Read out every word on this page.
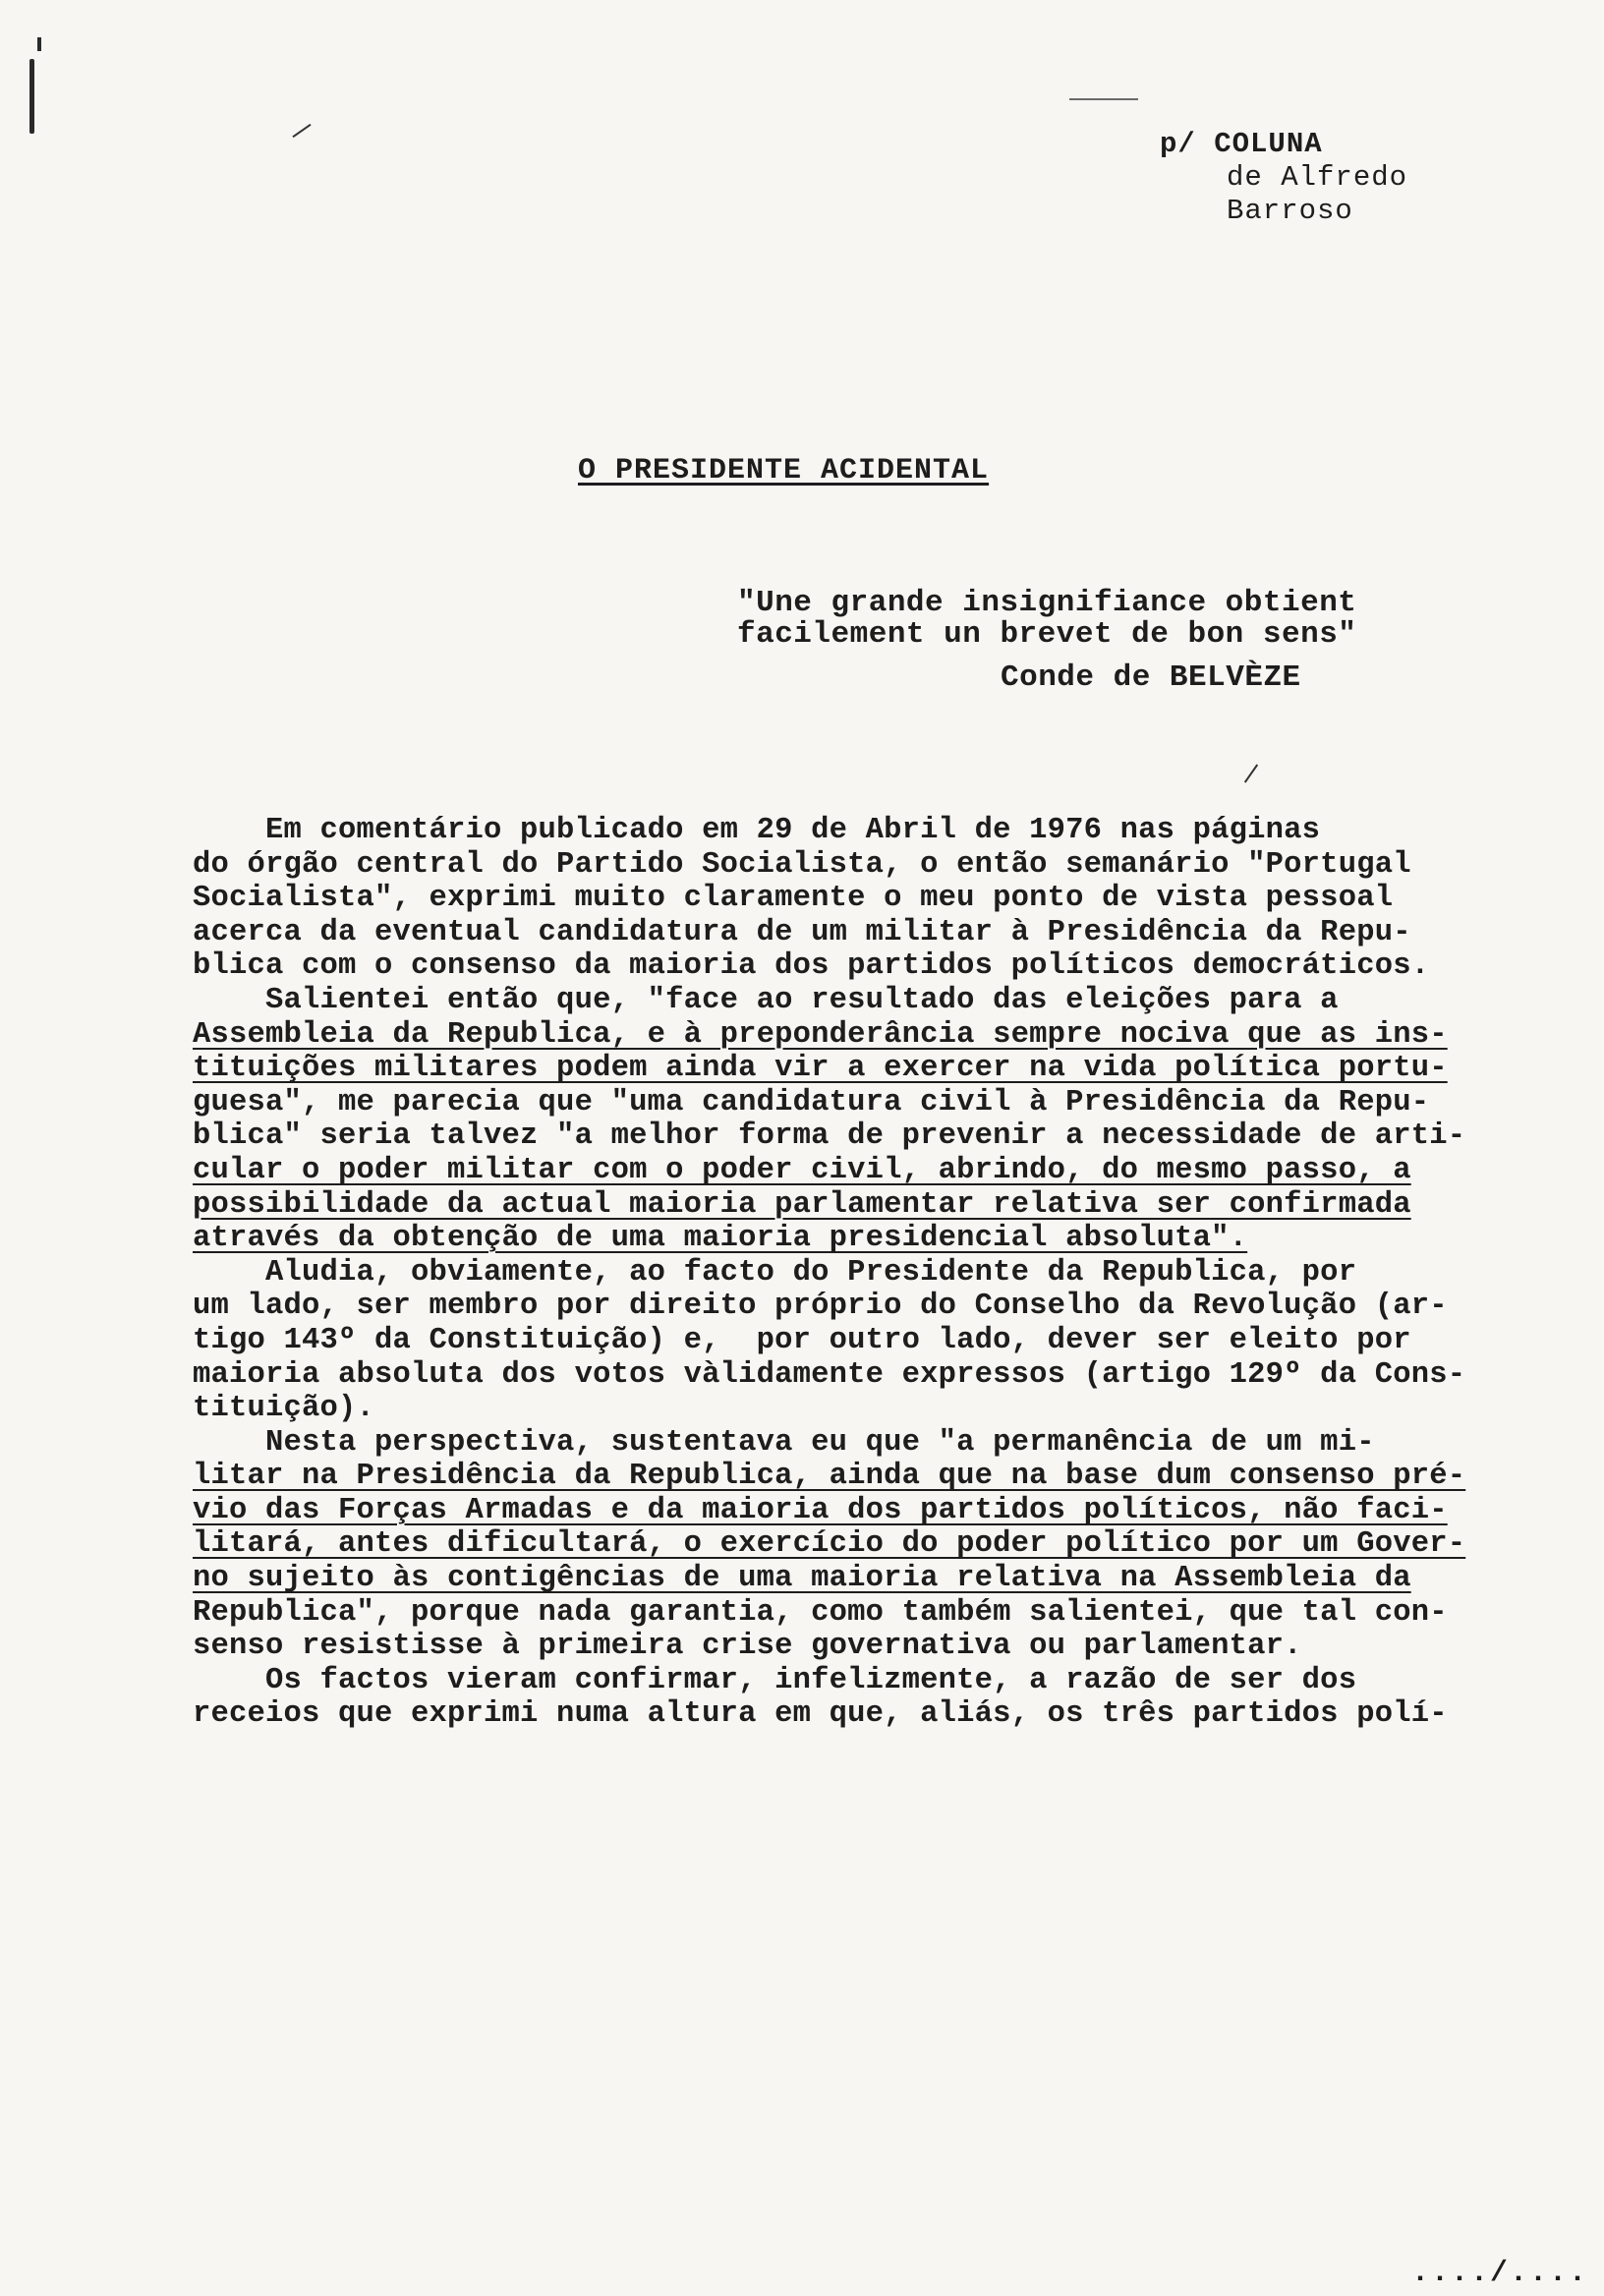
p/ COLUNA
de Alfredo
Barroso
O PRESIDENTE ACIDENTAL
"Une grande insignifiance obtient
facilement un brevet de bon sens"
Conde de BELVÈZE
Em comentário publicado em 29 de Abril de 1976 nas páginas
do órgão central do Partido Socialista, o então semanário "Portugal
Socialista", exprimi muito claramente o meu ponto de vista pessoal
acerca da eventual candidatura de um militar à Presidência da Repu-
blica com o consenso da maioria dos partidos políticos democráticos.
Salientei então que, "face ao resultado das eleições para a
Assembleia da Republica, e à preponderância sempre nociva que as ins-
tituições militares podem ainda vir a exercer na vida política portu-
guesa", me parecia que "uma candidatura civil à Presidência da Repu-
blica" seria talvez "a melhor forma de prevenir a necessidade de arti-
cular o poder militar com o poder civil, abrindo, do mesmo passo, a
possibilidade da actual maioria parlamentar relativa ser confirmada
através da obtenção de uma maioria presidencial absoluta".
Aludia, obviamente, ao facto do Presidente da Republica, por
um lado, ser membro por direito próprio do Conselho da Revolução (ar-
tigo 143º da Constituição) e,  por outro lado, dever ser eleito por
maioria absoluta dos votos vàlidamente expressos (artigo 129º da Cons-
tituição).
Nesta perspectiva, sustentava eu que "a permanência de um mi-
litar na Presidência da Republica, ainda que na base dum consenso pré-
vio das Forças Armadas e da maioria dos partidos políticos, não faci-
litará, antes dificultará, o exercício do poder político por um Gover-
no sujeito às contigências de uma maioria relativa na Assembleia da
Republica", porque nada garantia, como também salientei, que tal con-
senso resistisse à primeira crise governativa ou parlamentar.
Os factos vieram confirmar, infelizmente, a razão de ser dos
receios que exprimi numa altura em que, aliás, os três partidos polí-
..../....
